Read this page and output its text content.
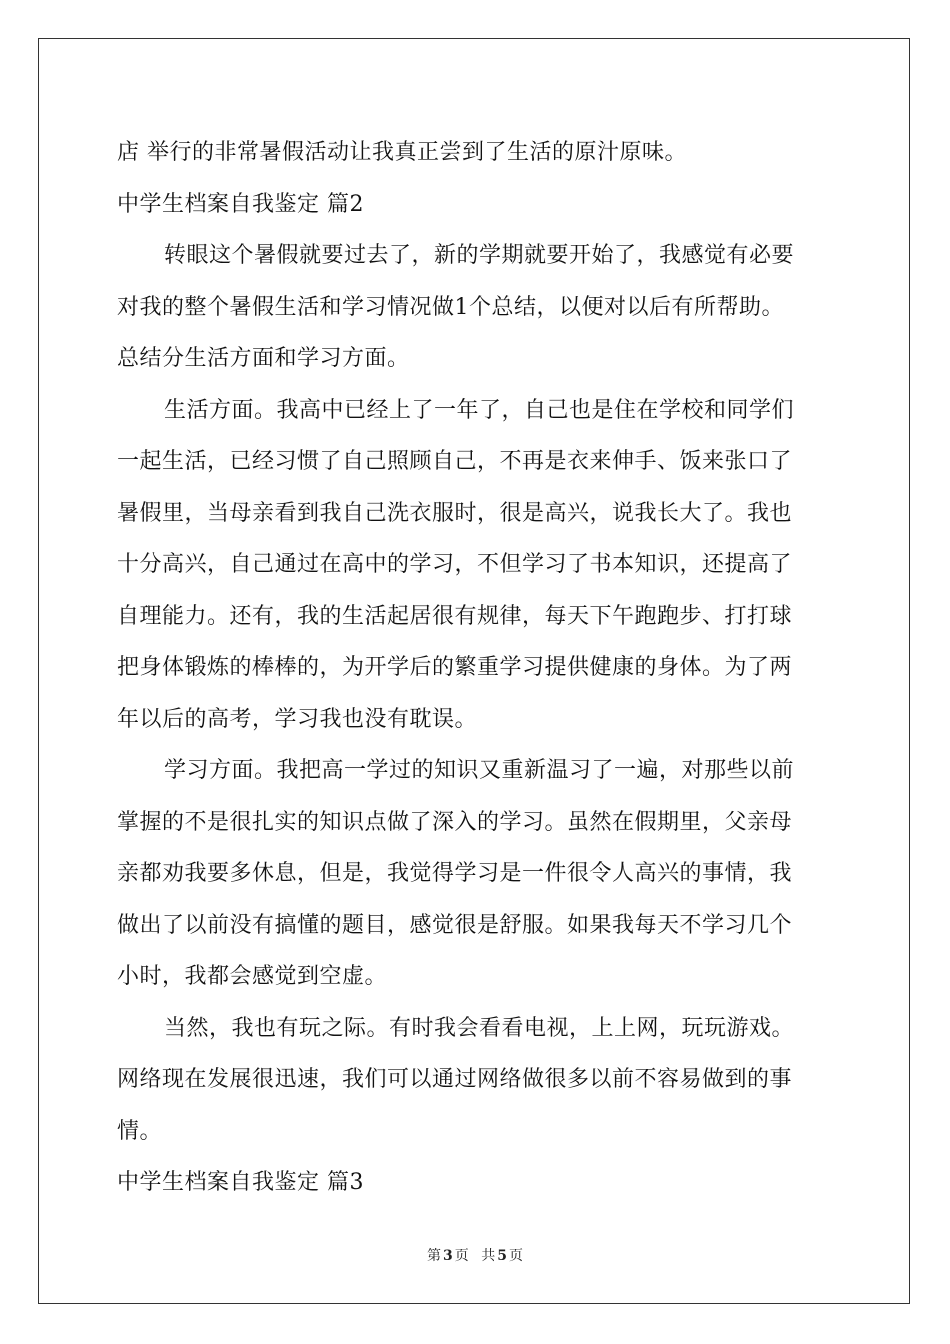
店 举行的非常暑假活动让我真正尝到了生活的原汁原味。
中学生档案自我鉴定 篇2
转眼这个暑假就要过去了，新的学期就要开始了，我感觉有必要
对我的整个暑假生活和学习情况做1个总结，以便对以后有所帮助。
总结分生活方面和学习方面。
生活方面。我高中已经上了一年了，自己也是住在学校和同学们
一起生活，已经习惯了自己照顾自己，不再是衣来伸手、饭来张口了
暑假里，当母亲看到我自己洗衣服时，很是高兴，说我长大了。我也
十分高兴，自己通过在高中的学习，不但学习了书本知识，还提高了
自理能力。还有，我的生活起居很有规律，每天下午跑跑步、打打球
把身体锻炼的棒棒的，为开学后的繁重学习提供健康的身体。为了两
年以后的高考，学习我也没有耽误。
学习方面。我把高一学过的知识又重新温习了一遍，对那些以前
掌握的不是很扎实的知识点做了深入的学习。虽然在假期里，父亲母
亲都劝我要多休息，但是，我觉得学习是一件很令人高兴的事情，我
做出了以前没有搞懂的题目，感觉很是舒服。如果我每天不学习几个
小时，我都会感觉到空虚。
当然，我也有玩之际。有时我会看看电视，上上网，玩玩游戏。
网络现在发展很迅速，我们可以通过网络做很多以前不容易做到的事
情。
中学生档案自我鉴定 篇3
第 3 页 共 5 页
